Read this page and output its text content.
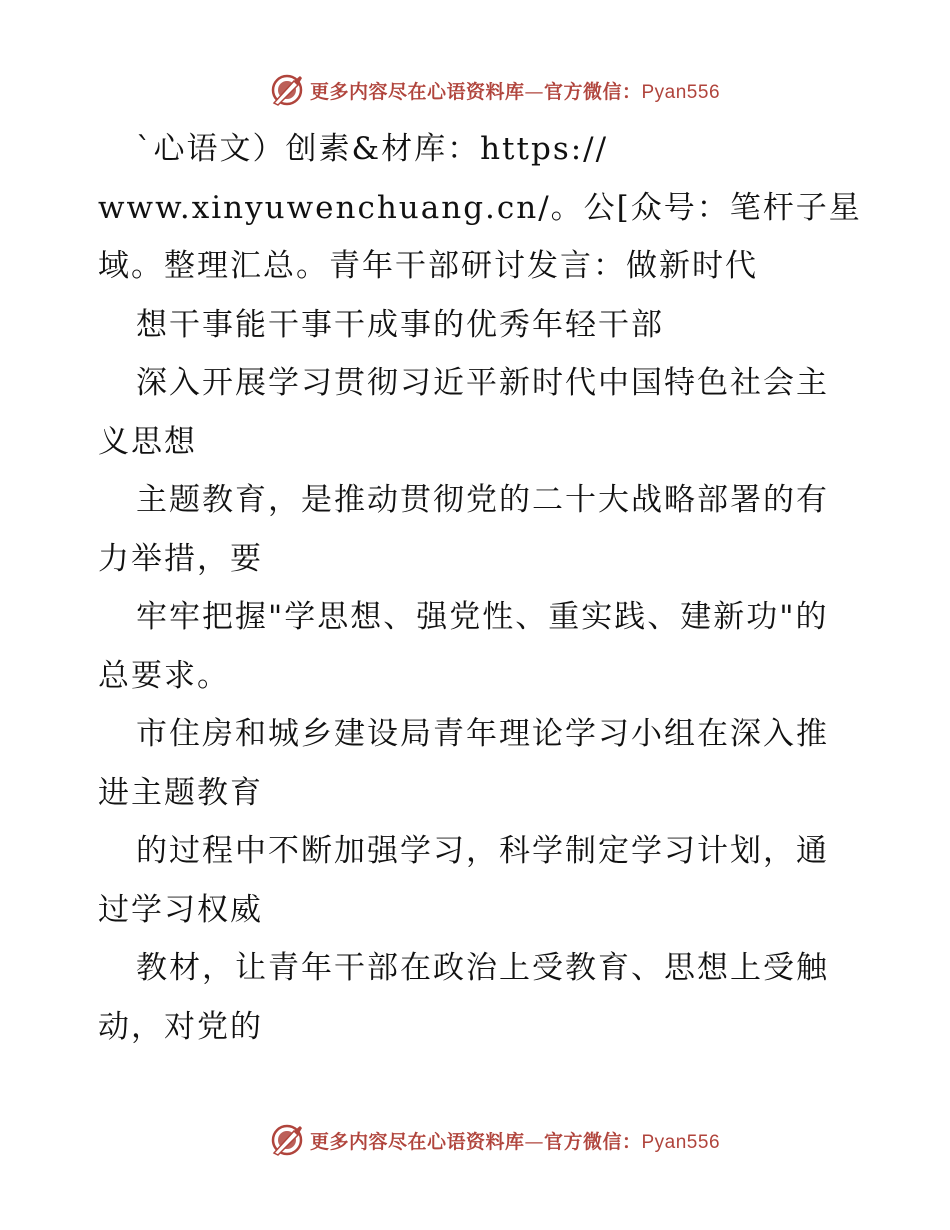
更多内容尽在心语资料库—官方微信：Pyan556
`心语文）创素&材库：https://
www.xinyuwenchuang.cn/。公[众号：笔杆子星
域。整理汇总。青年干部研讨发言：做新时代
想干事能干事干成事的优秀年轻干部
深入开展学习贯彻习近平新时代中国特色社会主
义思想
主题教育，是推动贯彻党的二十大战略部署的有
力举措，要
牢牢把握"学思想、强党性、重实践、建新功"的
总要求。
市住房和城乡建设局青年理论学习小组在深入推
进主题教育
的过程中不断加强学习，科学制定学习计划，通
过学习权威
教材，让青年干部在政治上受教育、思想上受触
动，对党的
更多内容尽在心语资料库—官方微信：Pyan556
